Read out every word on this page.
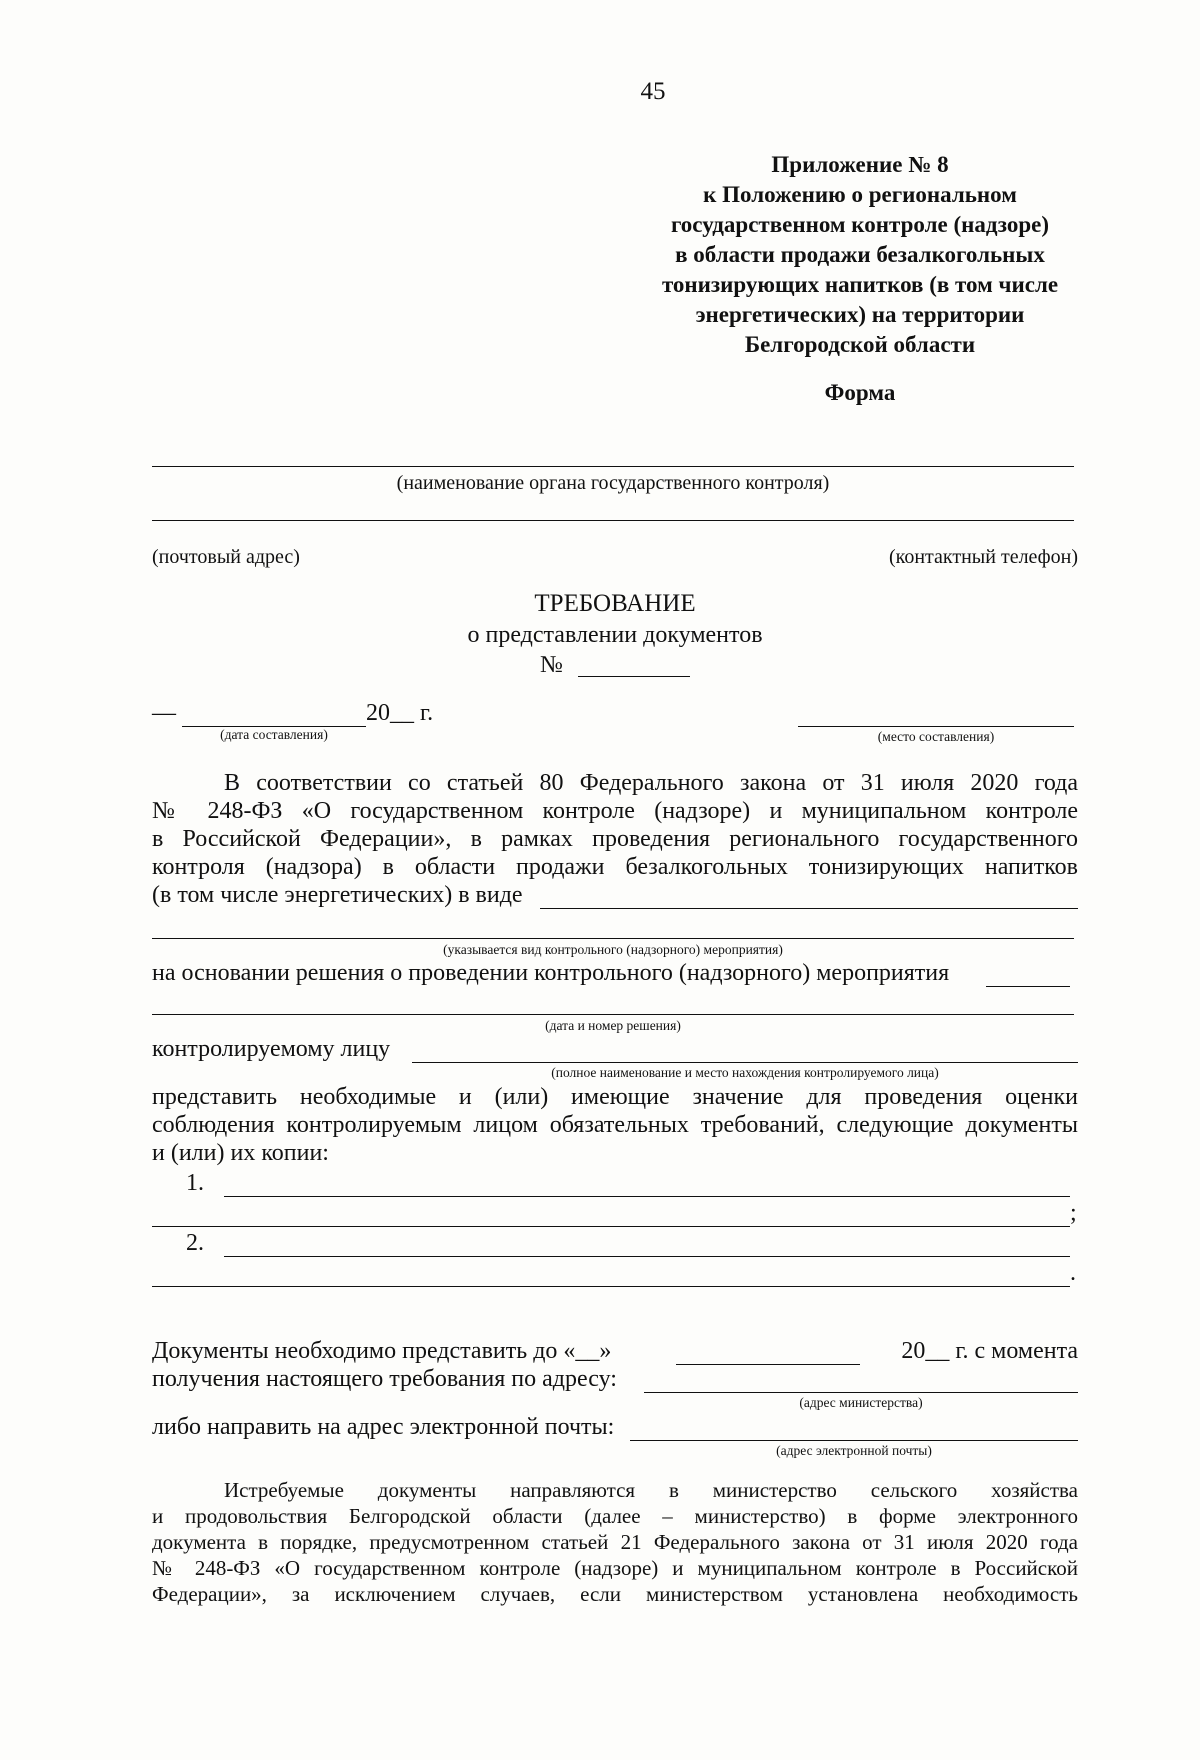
45
Приложение № 8
к Положению о региональном
государственном контроле (надзоре)
в области продажи безалкогольных
тонизирующих напитков (в том числе
энергетических) на территории
Белгородской области
Форма
(наименование органа государственного контроля)
(почтовый адрес)	(контактный телефон)
ТРЕБОВАНИЕ
о представлении документов
№
—	20__ г.
(дата составления)	(место составления)
В соответствии со статьей 80 Федерального закона от 31 июля 2020 года
№ 248-ФЗ «О государственном контроле (надзоре) и муниципальном контроле
в Российской Федерации», в рамках проведения регионального государственного
контроля (надзора) в области продажи безалкогольных тонизирующих напитков
(в том числе энергетических) в виде
(указывается вид контрольного (надзорного) мероприятия)
на основании решения о проведении контрольного (надзорного) мероприятия
(дата и номер решения)
контролируемому лицу
(полное наименование и место нахождения контролируемого лица)
представить необходимые и (или) имеющие значение для проведения оценки
соблюдения контролируемым лицом обязательных требований, следующие документы
и (или) их копии:
1.
;
2.
.
Документы необходимо представить до «__»	20__ г. с момента
получения настоящего требования по адресу:
(адрес министерства)
либо направить на адрес электронной почты:
(адрес электронной почты)
Истребуемые документы направляются в министерство сельского хозяйства
и продовольствия Белгородской области (далее – министерство) в форме электронного
документа в порядке, предусмотренном статьей 21 Федерального закона от 31 июля 2020 года
№ 248-ФЗ «О государственном контроле (надзоре) и муниципальном контроле в Российской
Федерации», за исключением случаев, если министерством установлена необходимость
